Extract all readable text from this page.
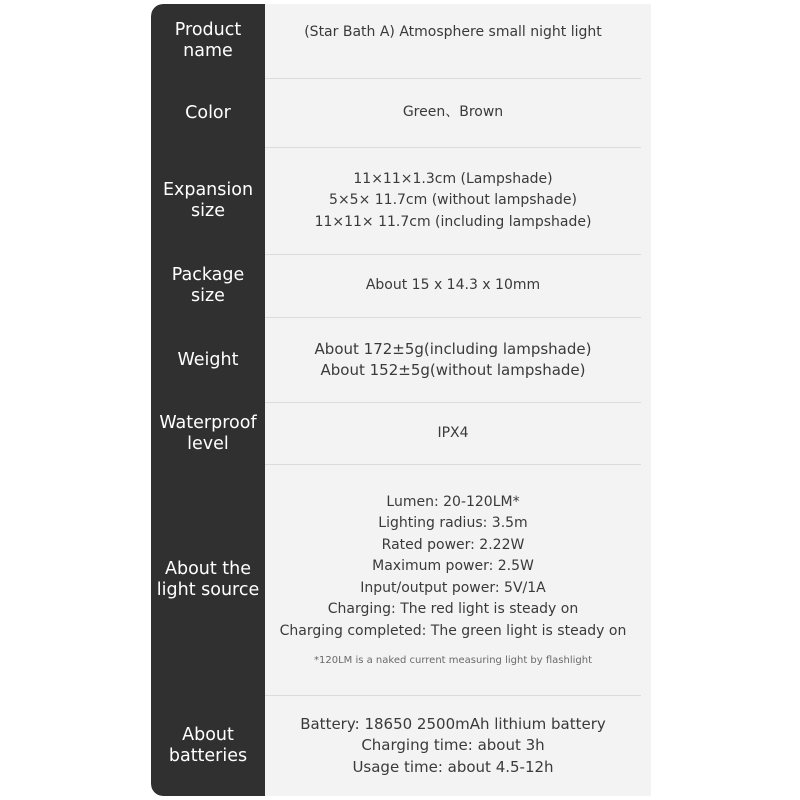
Product
name
(Star Bath A) Atmosphere small night light
Color	Green、Brown
Expansion
size
11×11×1.3cm (Lampshade)
5×5× 11.7cm (without lampshade)
11×11× 11.7cm (including lampshade)
Package
size
About 15 x 14.3 x 10mm
Weight
About 172±5g(including lampshade)
About 152±5g(without lampshade)
Waterproof
level
IPX4
About the
light source
Lumen: 20-120LM*
Lighting radius: 3.5m
Rated power: 2.22W
Maximum power: 2.5W
Input/output power: 5V/1A
Charging: The red light is steady on
Charging completed: The green light is steady on
*120LM is a naked current measuring light by flashlight
About
batteries
Battery: 18650 2500mAh lithium battery
Charging time: about 3h
Usage time: about 4.5-12h
